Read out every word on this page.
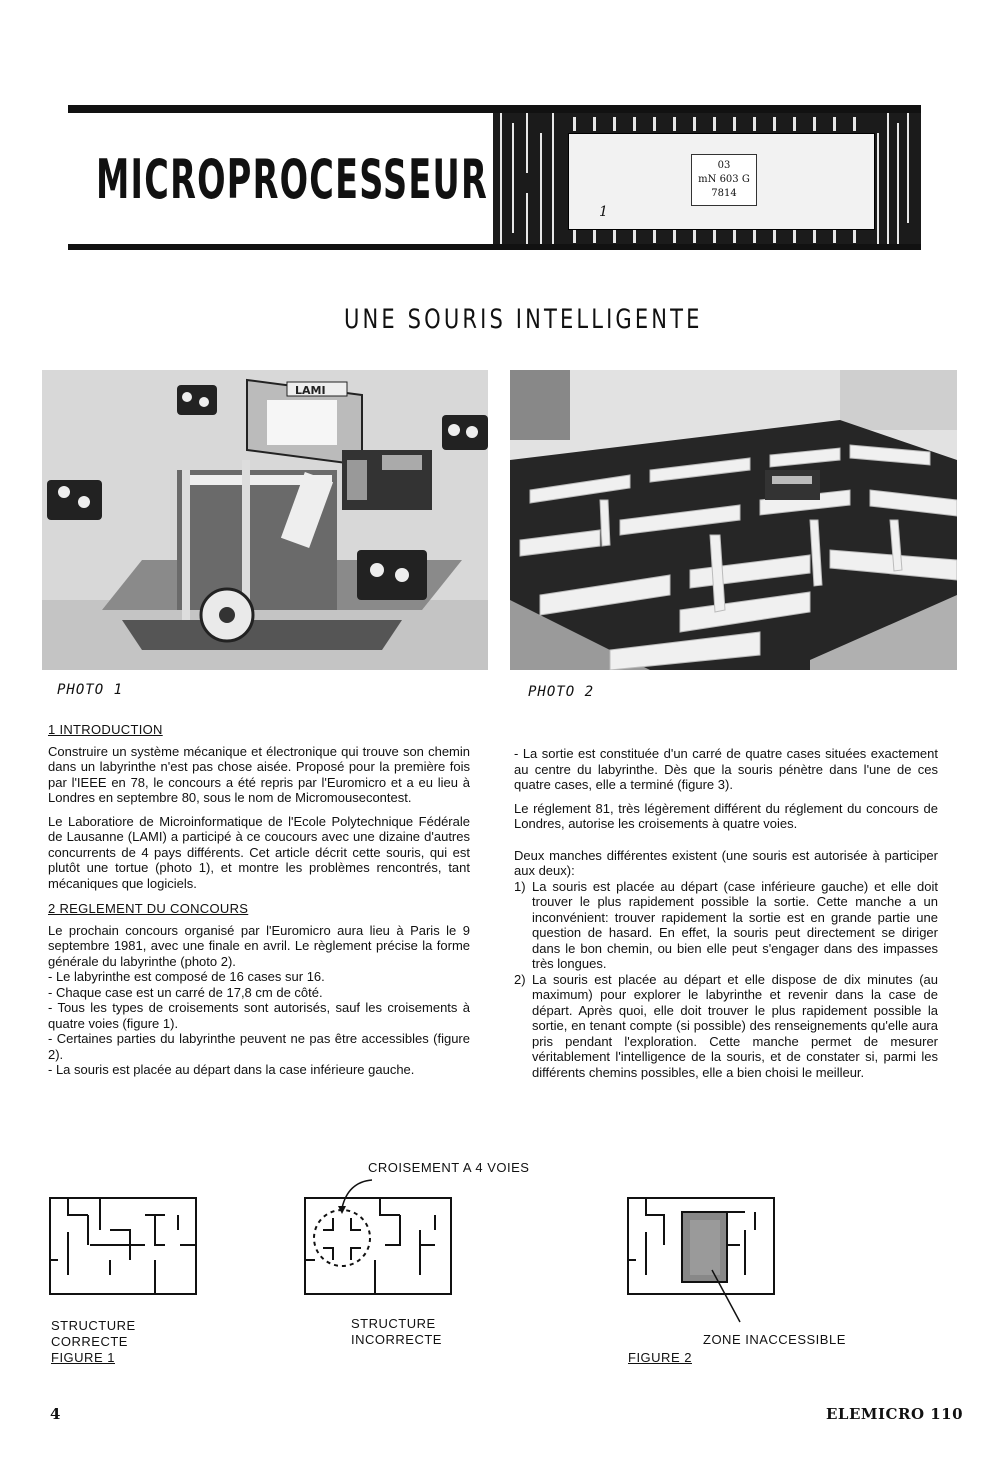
MICROPROCESSEUR	03
mN 603 G
7814
1
UNE SOURIS INTELLIGENTE
LAMI
PHOTO 1	PHOTO 2

1 INTRODUCTION

Construire un système mécanique et électronique qui trouve son chemin dans un labyrinthe n'est pas chose aisée. Proposé pour la première fois par l'IEEE en 78, le concours a été repris par l'Euromicro et a eu lieu à Londres en septembre 80, sous le nom de Micromousecontest.

Le Laboratiore de Microinformatique de l'Ecole Polytechnique Fédérale de Lausanne (LAMI) a participé à ce coucours avec une dizaine d'autres concurrents de 4 pays différents. Cet article décrit cette souris, qui est plutôt une tortue (photo 1), et montre les problèmes rencontrés, tant mécaniques que logiciels.

2 REGLEMENT DU CONCOURS

Le prochain concours organisé par l'Euromicro aura lieu à Paris le 9 septembre 1981, avec une finale en avril. Le règlement précise la forme générale du labyrinthe (photo 2).

- Le labyrinthe est composé de 16 cases sur 16.
- Chaque case est un carré de 17,8 cm de côté.
- Tous les types de croisements sont autorisés, sauf les croisements à quatre voies (figure 1).
- Certaines parties du labyrinthe peuvent ne pas être accessibles (figure 2).
- La souris est placée au départ dans la case inférieure gauche.

- La sortie est constituée d'un carré de quatre cases situées exactement au centre du labyrinthe. Dès que la souris pénètre dans l'une de ces quatre cases, elle a terminé (figure 3).

Le réglement 81, très légèrement différent du réglement du concours de Londres, autorise les croisements à quatre voies.

Deux manches différentes existent (une souris est autorisée à participer aux deux):

1) La souris est placée au départ (case inférieure gauche) et elle doit trouver le plus rapidement possible la sortie. Cette manche a un inconvénient: trouver rapidement la sortie est en grande partie une question de hasard. En effet, la souris peut directement se diriger dans le bon chemin, ou bien elle peut s'engager dans des impasses très longues.
2) La souris est placée au départ et elle dispose de dix minutes (au maximum) pour explorer le labyrinthe et revenir dans la case de départ. Après quoi, elle doit trouver le plus rapidement possible la sortie, en tenant compte (si possible) des renseignements qu'elle aura pris pendant l'exploration. Cette manche permet de mesurer véritablement l'intelligence de la souris, et de constater si, parmi les différents chemins possibles, elle a bien choisi le meilleur.
CROISEMENT A 4 VOIES
STRUCTURE
CORRECTE
FIGURE 1
STRUCTURE
INCORRECTE	ZONE INACCESSIBLE
FIGURE 2
4	ELEMICRO 110
